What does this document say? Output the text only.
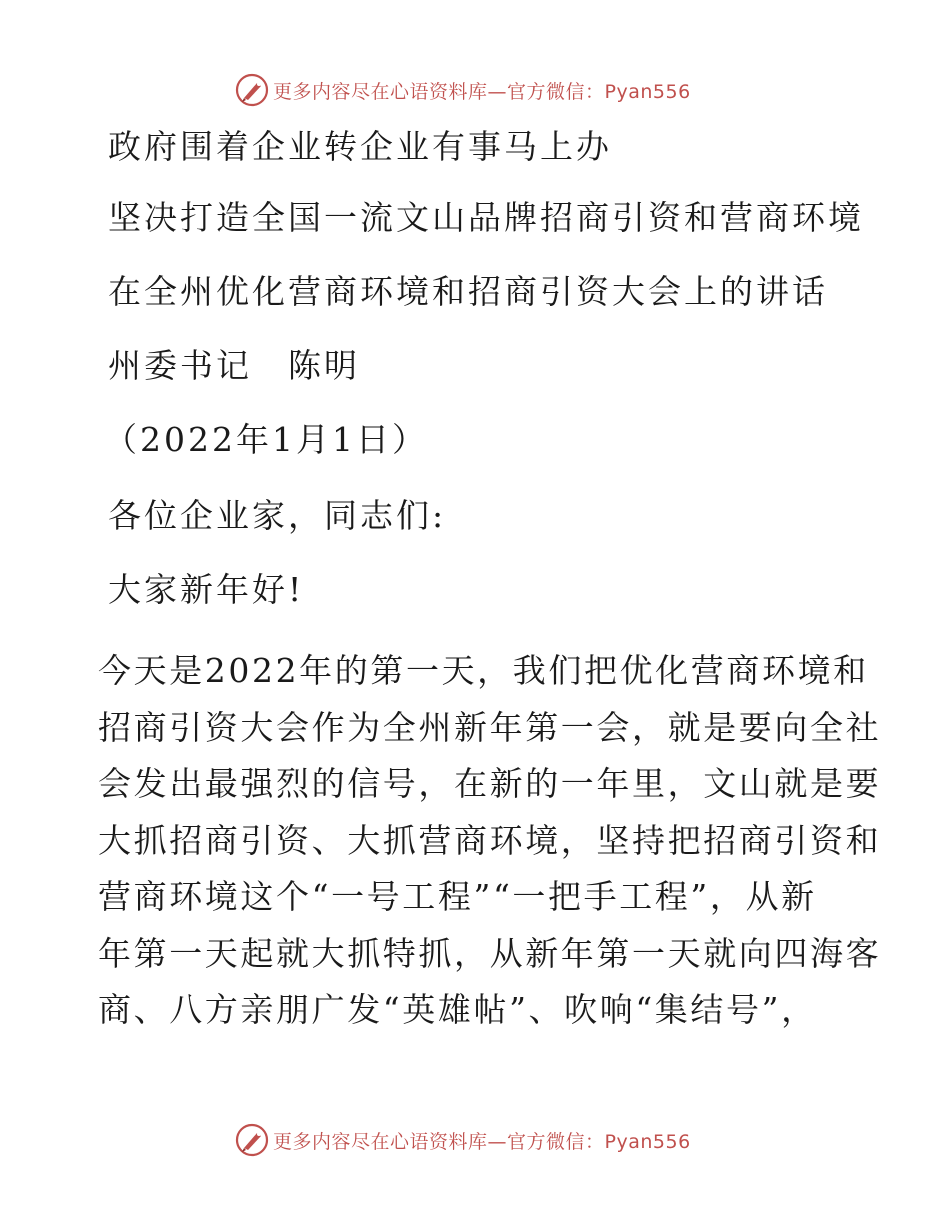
更多内容尽在心语资料库—官方微信：Pyan556
政府围着企业转企业有事马上办
坚决打造全国一流文山品牌招商引资和营商环境
在全州优化营商环境和招商引资大会上的讲话
州委书记　陈明
（2022年1月1日）
各位企业家，同志们:
大家新年好!
今天是2022年的第一天，我们把优化营商环境和
招商引资大会作为全州新年第一会，就是要向全社
会发出最强烈的信号，在新的一年里，文山就是要
大抓招商引资、大抓营商环境，坚持把招商引资和
营商环境这个“一号工程”“一把手工程”，从新
年第一天起就大抓特抓，从新年第一天就向四海客
商、八方亲朋广发“英雄帖”、吹响“集结号”，
更多内容尽在心语资料库—官方微信：Pyan556
